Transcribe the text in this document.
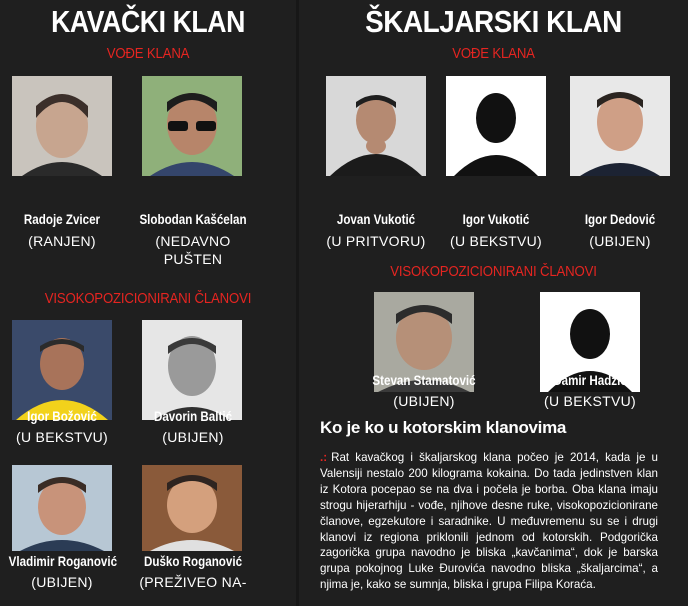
KAVAČKI KLAN
VOĐE KLANA
Radoje Zvicer
(RANJEN)
Slobodan Kašćelan
(NEDAVNO
PUŠTEN
VISOKOPOZICIONIRANI ČLANOVI
Igor Božović
(U BEKSTVU)
Davorin Baltić
(UBIJEN)
Vladimir Roganović
(UBIJEN)
Duško Roganović
(PREŽIVEO NA-
ŠKALJARSKI KLAN
VOĐE KLANA
Jovan Vukotić
(U PRITVORU)
Igor Vukotić
(U BEKSTVU)
Igor Dedović
(UBIJEN)
VISOKOPOZICIONIRANI ČLANOVI
Stevan Stamatović
(UBIJEN)
Damir Hadžić
(U BEKSTVU)
Ko je ko u kotorskim klanovima
.: Rat kavačkog i škaljarskog klana počeo je 2014, kada je u Valensiji nestalo 200 kilograma kokaina. Do tada jedinstven klan iz Kotora pocepao se na dva i počela je borba. Oba klana imaju strogu hijerarhiju - vođe, njihove desne ruke, visokopozicionirane članove, egzekutore i saradnike. U međuvremenu su se i drugi klanovi iz regiona priklonili jednom od kotorskih. Podgorička zagorička grupa navodno je bliska „kavčanima“, dok je barska grupa pokojnog Luke Đurovića navodno bliska „škaljarcima“, a njima je, kako se sumnja, bliska i grupa Filipa Koraća.
